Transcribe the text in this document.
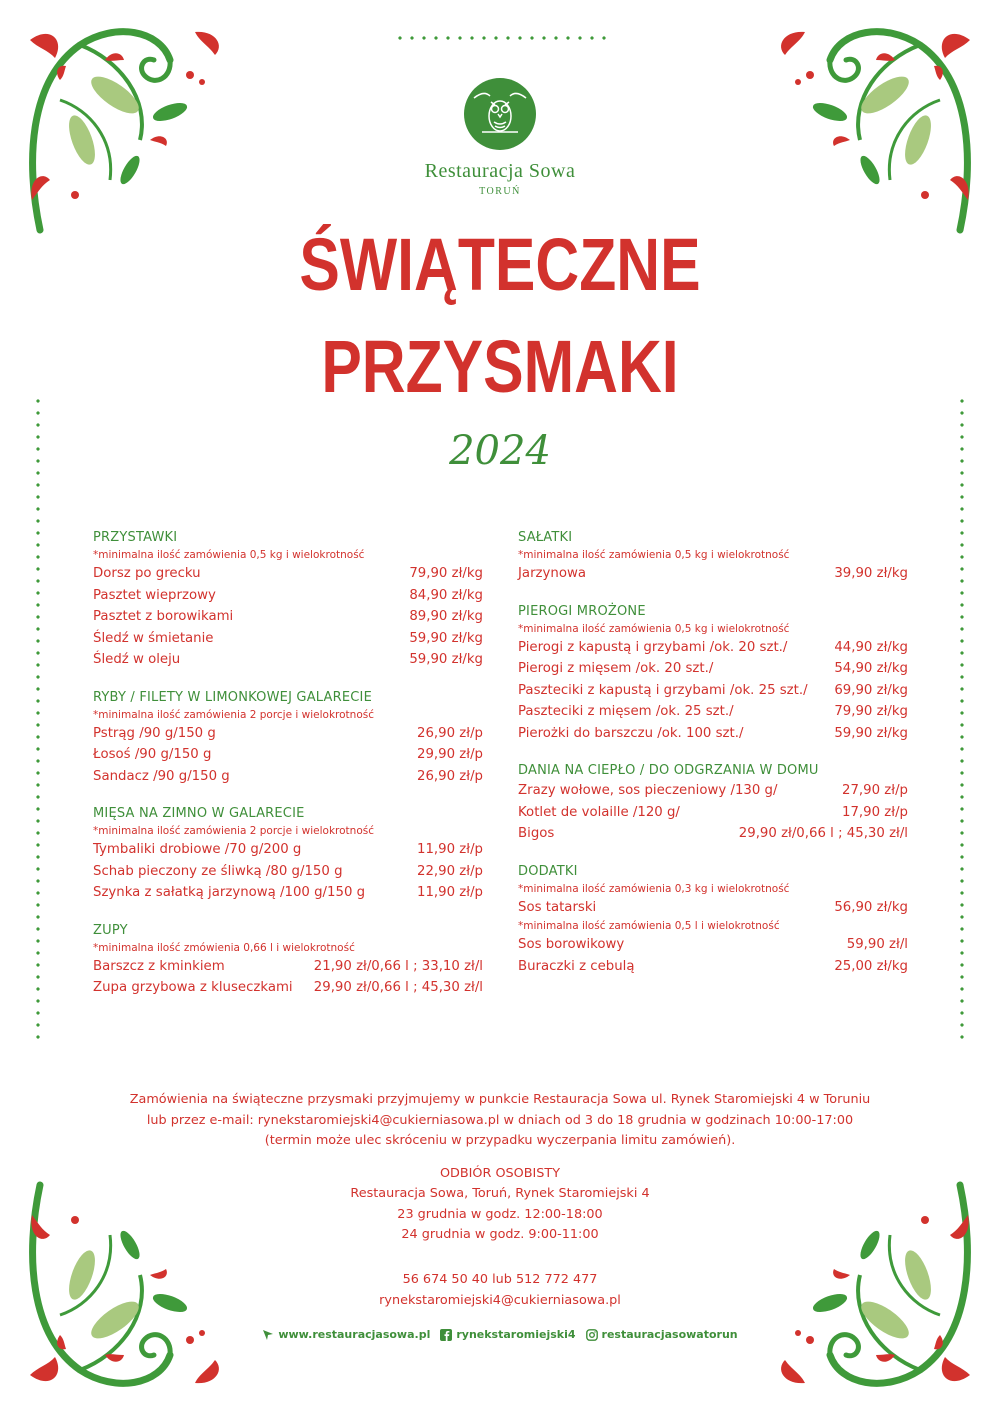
Restauracja Sowa
TORUŃ
ŚWIĄTECZNE
PRZYSMAKI
2024
PRZYSTAWKI
*minimalna ilość zamówienia 0,5 kg i wielokrotność
Dorsz po grecku	79,90 zł/kg
Pasztet wieprzowy	84,90 zł/kg
Pasztet z borowikami	89,90 zł/kg
Śledź w śmietanie	59,90 zł/kg
Śledź w oleju	59,90 zł/kg
RYBY / FILETY W LIMONKOWEJ GALARECIE
*minimalna ilość zamówienia 2 porcje i wielokrotność
Pstrąg /90 g/150 g	26,90 zł/p
Łosoś /90 g/150 g	29,90 zł/p
Sandacz /90 g/150 g	26,90 zł/p
MIĘSA NA ZIMNO W GALARECIE
*minimalna ilość zamówienia 2 porcje i wielokrotność
Tymbaliki drobiowe /70 g/200 g	11,90 zł/p
Schab pieczony ze śliwką /80 g/150 g	22,90 zł/p
Szynka z sałatką jarzynową /100 g/150 g	11,90 zł/p
ZUPY
*minimalna ilość zmówienia 0,66 l i wielokrotność
Barszcz z kminkiem	21,90 zł/0,66 l ; 33,10 zł/l
Zupa grzybowa z kluseczkami 29,90 zł/0,66 l ; 45,30 zł/l
SAŁATKI
*minimalna ilość zamówienia 0,5 kg i wielokrotność
Jarzynowa	39,90 zł/kg
PIEROGI MROŻONE
*minimalna ilość zamówienia 0,5 kg i wielokrotność
Pierogi z kapustą i grzybami /ok. 20 szt./	44,90 zł/kg
Pierogi z mięsem /ok. 20 szt./	54,90 zł/kg
Paszteciki z kapustą i grzybami /ok. 25 szt./ 69,90 zł/kg
Paszteciki z mięsem /ok. 25 szt./	79,90 zł/kg
Pierożki do barszczu /ok. 100 szt./	59,90 zł/kg
DANIA NA CIEPŁO / DO ODGRZANIA W DOMU
Zrazy wołowe, sos pieczeniowy /130 g/	27,90 zł/p
Kotlet de volaille /120 g/	17,90 zł/p
Bigos	29,90 zł/0,66 l ; 45,30 zł/l
DODATKI
*minimalna ilość zamówienia 0,3 kg i wielokrotność
Sos tatarski	56,90 zł/kg
*minimalna ilość zamówienia 0,5 l i wielokrotność
Sos borowikowy	59,90 zł/l
Buraczki z cebulą	25,00 zł/kg
Zamówienia na świąteczne przysmaki przyjmujemy w punkcie Restauracja Sowa ul. Rynek Staromiejski 4 w Toruniu
lub przez e-mail: rynekstaromiejski4@cukierniasowa.pl w dniach od 3 do 18 grudnia w godzinach 10:00-17:00
(termin może ulec skróceniu w przypadku wyczerpania limitu zamówień).
ODBIÓR OSOBISTY
Restauracja Sowa, Toruń, Rynek Staromiejski 4
23 grudnia w godz. 12:00-18:00
24 grudnia w godz. 9:00-11:00
56 674 50 40 lub 512 772 477
rynekstaromiejski4@cukierniasowa.pl
www.restauracjasowa.pl rynekstaromiejski4 restauracjasowatorun
